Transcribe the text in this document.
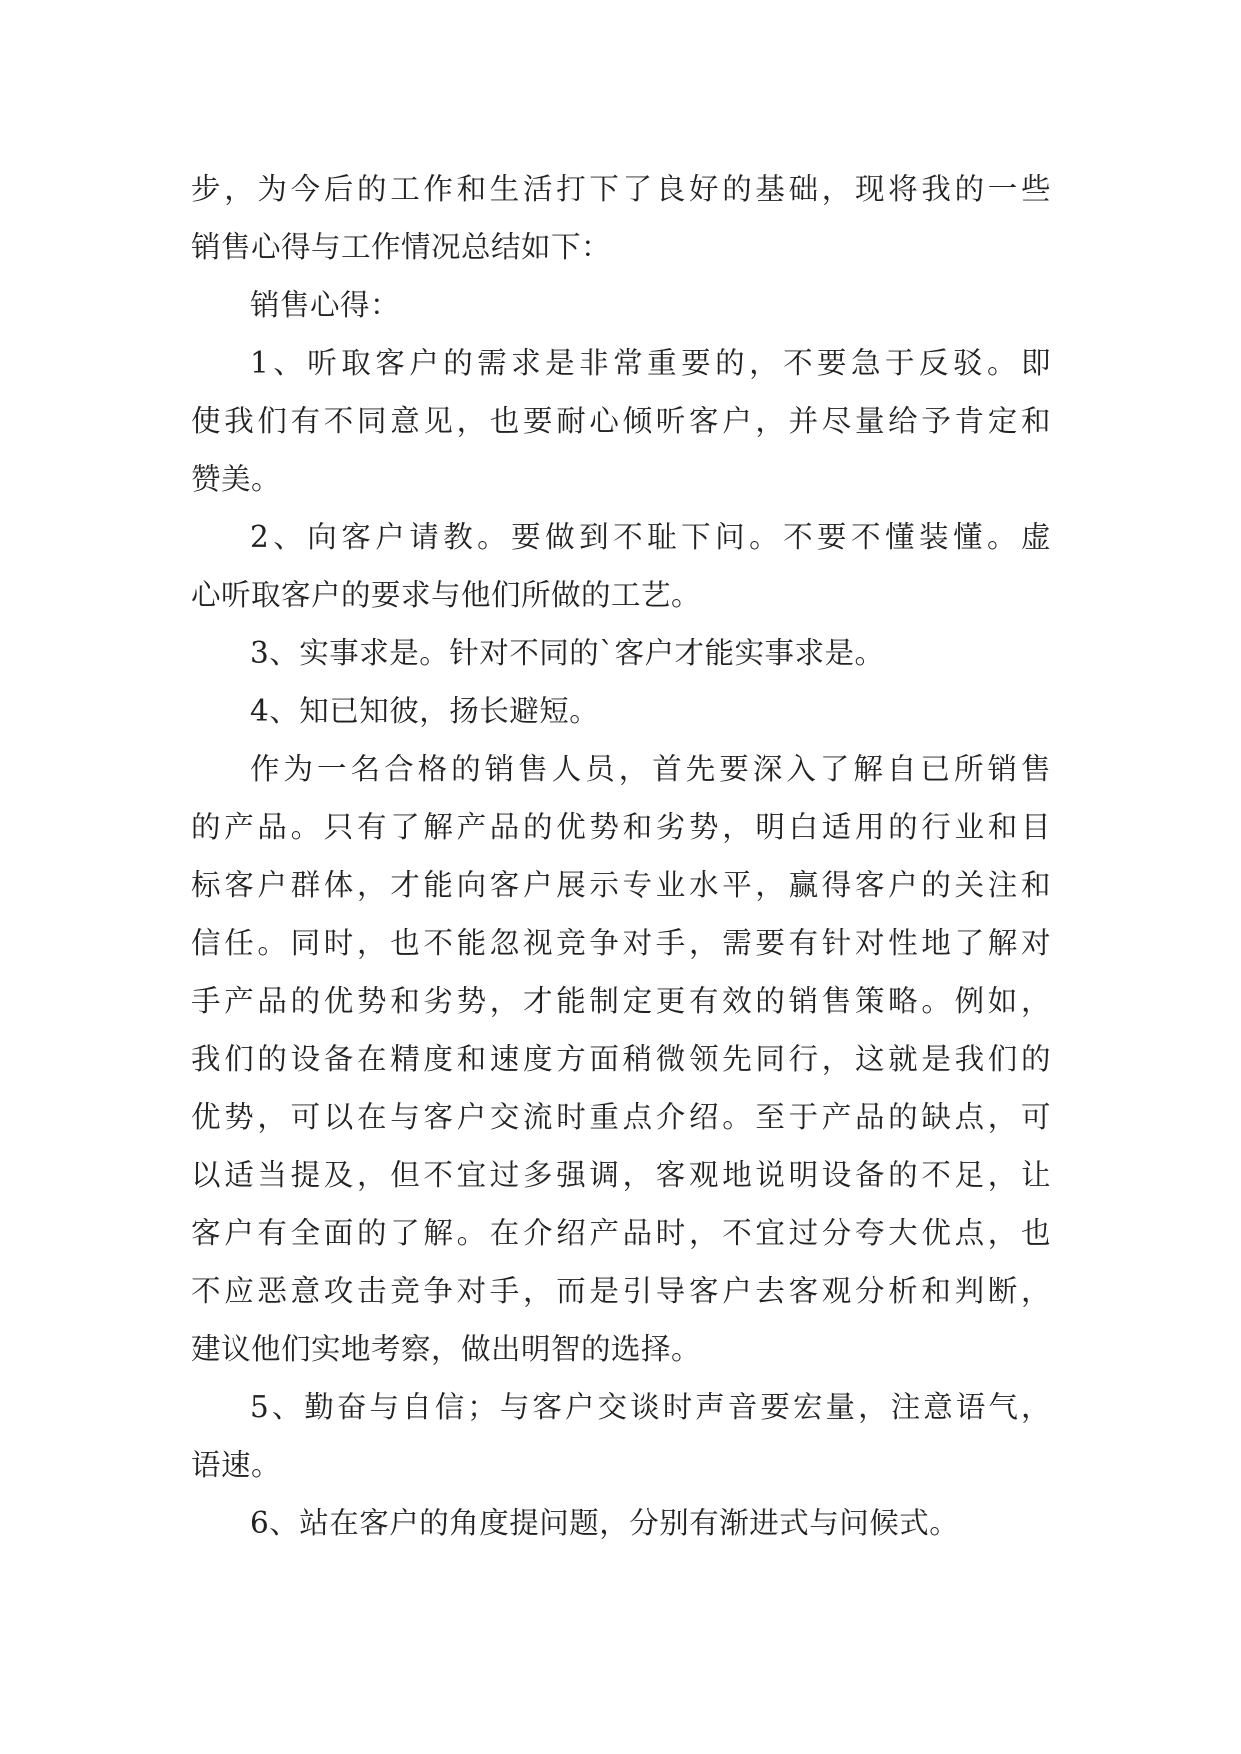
步，为今后的工作和生活打下了良好的基础，现将我的一些
销售心得与工作情况总结如下：
销售心得：
1、听取客户的需求是非常重要的，不要急于反驳。即
使我们有不同意见，也要耐心倾听客户，并尽量给予肯定和
赞美。
2、向客户请教。要做到不耻下问。不要不懂装懂。虚
心听取客户的要求与他们所做的工艺。
3、实事求是。针对不同的`客户才能实事求是。
4、知已知彼，扬长避短。
作为一名合格的销售人员，首先要深入了解自已所销售
的产品。只有了解产品的优势和劣势，明白适用的行业和目
标客户群体，才能向客户展示专业水平，赢得客户的关注和
信任。同时，也不能忽视竞争对手，需要有针对性地了解对
手产品的优势和劣势，才能制定更有效的销售策略。例如，
我们的设备在精度和速度方面稍微领先同行，这就是我们的
优势，可以在与客户交流时重点介绍。至于产品的缺点，可
以适当提及，但不宜过多强调，客观地说明设备的不足，让
客户有全面的了解。在介绍产品时，不宜过分夸大优点，也
不应恶意攻击竞争对手，而是引导客户去客观分析和判断，
建议他们实地考察，做出明智的选择。
5、勤奋与自信；与客户交谈时声音要宏量，注意语气，
语速。
6、站在客户的角度提问题，分别有渐进式与问候式。
